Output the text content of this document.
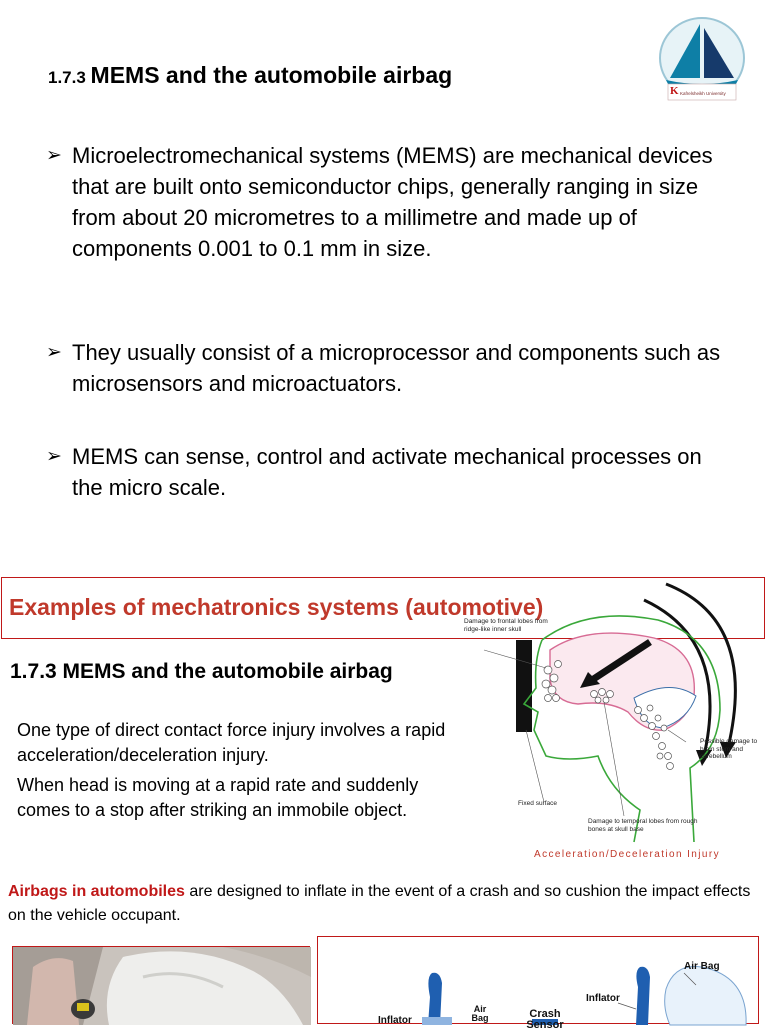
1.7.3 MEMS and the automobile airbag
K Kafrelsheikh University
➢ Microelectromechanical systems (MEMS) are mechanical devices that are built onto semiconductor chips, generally ranging in size from about 20 micrometres to a millimetre and made up of components 0.001 to 0.1 mm in size.
➢ They usually consist of a microprocessor and components such as microsensors and microactuators.
➢ MEMS can sense, control and activate mechanical processes on the micro scale.
Examples of mechatronics systems (automotive)
1.7.3 MEMS and the automobile airbag
One type of direct contact force injury involves a rapid acceleration/deceleration injury.
When head is moving at a rapid rate and suddenly comes to a stop after striking an immobile object.
Damage to frontal lobes from ridge-like inner skull
Possible damage to brain stem and cerebellum
Fixed surface
Damage to temporal lobes from rough bones at skull base
Acceleration/Deceleration Injury
Airbags in automobiles are designed to inflate in the event of a crash and so cushion the impact effects on the vehicle occupant.
Inflator
Air Bag	Crash Sensor
Inflator
Air Bag
